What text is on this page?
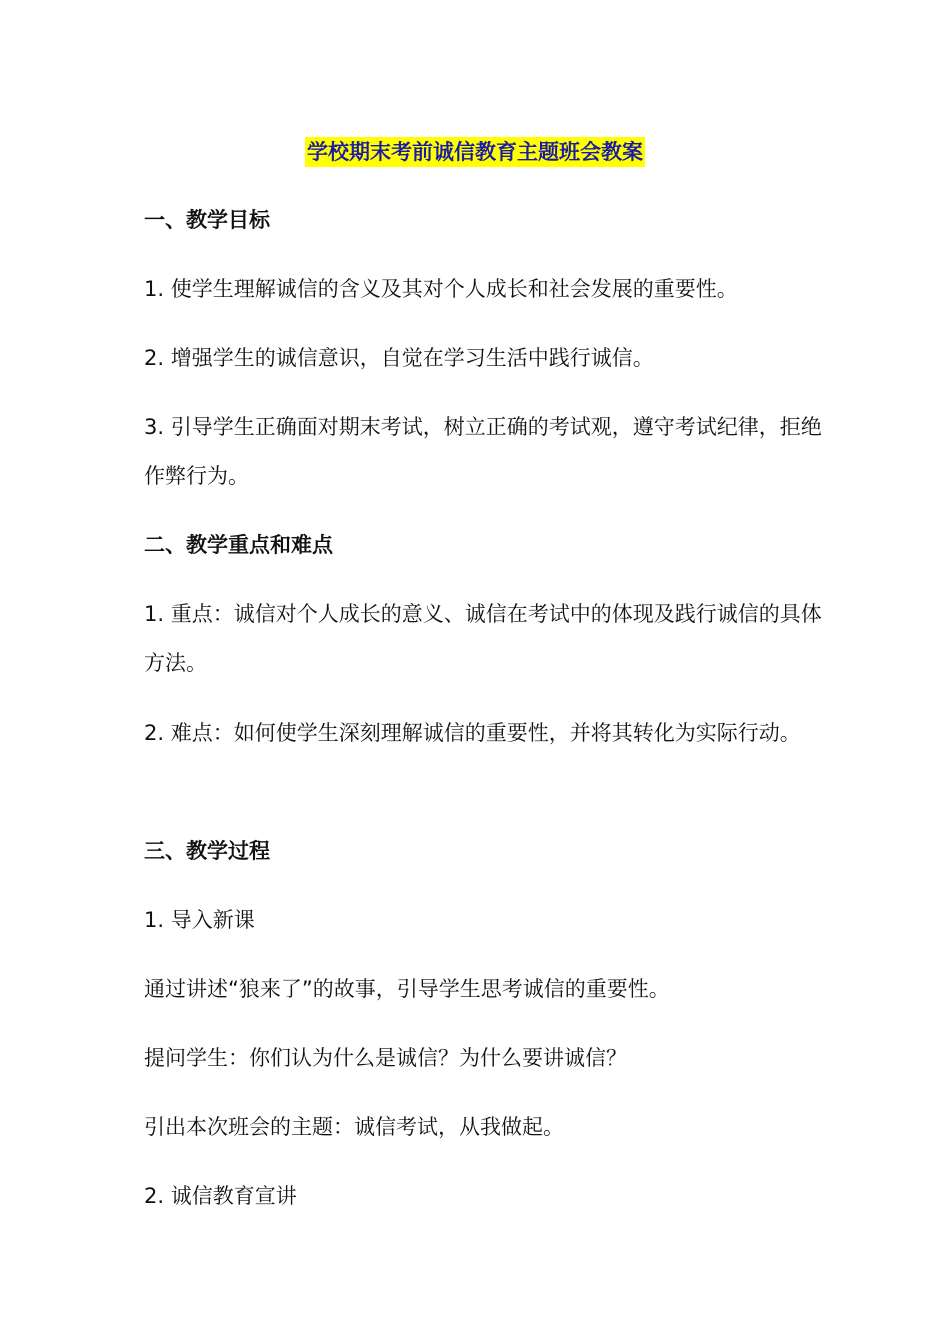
学校期末考前诚信教育主题班会教案

一、教学目标

1. 使学生理解诚信的含义及其对个人成长和社会发展的重要性。

2. 增强学生的诚信意识，自觉在学习生活中践行诚信。

3. 引导学生正确面对期末考试，树立正确的考试观，遵守考试纪律，拒绝作弊行为。

二、教学重点和难点

1. 重点：诚信对个人成长的意义、诚信在考试中的体现及践行诚信的具体方法。

2. 难点：如何使学生深刻理解诚信的重要性，并将其转化为实际行动。

三、教学过程

1. 导入新课

通过讲述“狼来了”的故事，引导学生思考诚信的重要性。

提问学生：你们认为什么是诚信？为什么要讲诚信？

引出本次班会的主题：诚信考试，从我做起。

2. 诚信教育宣讲
